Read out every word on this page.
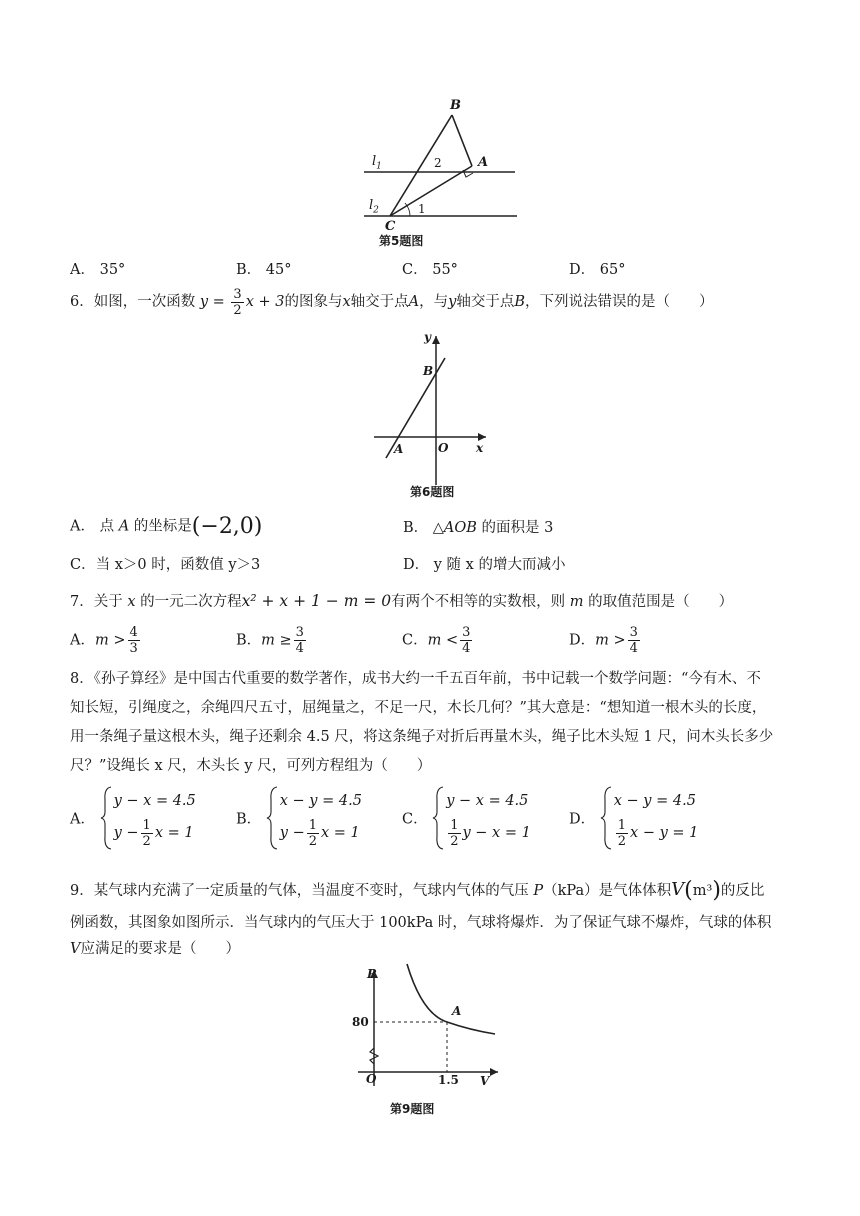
B
A
C
$l_1$
$l_2$
2
1
第5题图
A． 35°	B． 45°	C． 55°	D． 65°
6．如图，一次函数 $y = \frac{3}{2}$ x + 3的图象与x轴交于点A，与y轴交于点B，下列说法错误的是（　　）
y
B
A	O x
第6题图
A． 点 A 的坐标是(−2,0)	B． △AOB 的面积是 3
C．当 x＞0 时，函数值 y＞3	D． y 随 x 的增大而减小
7．关于 x 的一元二次方程x² + x + 1 − m = 0有两个不相等的实数根，则 m 的取值范围是（　　）
A．$m > \frac{4}{3}$	B．$m \ge \frac{3}{4}$	C．$m < \frac{3}{4}$	D．$m > \frac{3}{4}$
8．《孙子算经》是中国古代重要的数学著作，成书大约一千五百年前，书中记载一个数学问题：“今有木、不
知长短，引绳度之，余绳四尺五寸，屈绳量之，不足一尺，木长几何？”其大意是：“想知道一根木头的长度，
用一条绳子量这根木头，绳子还剩余 4.5 尺，将这条绳子对折后再量木头，绳子比木头短 1 尺，问木头长多少
尺？”设绳长 x 尺，木头长 y 尺，可列方程组为（　　）
A．
y − x = 4.5
$y - \frac{1}{2}$ x = 1
B．
x − y = 4.5
$y - \frac{1}{2}$ x = 1
C．
y − x = 4.5
$\frac{1}{2}$ y − x = 1
D．
x − y = 4.5
$\frac{1}{2}$ x − y = 1
9．某气球内充满了一定质量的气体，当温度不变时，气球内气体的气压 P（kPa）是气体体积V(m³)的反比
例函数，其图象如图所示．当气球内的气压大于 100kPa 时，气球将爆炸．为了保证气球不爆炸，气球的体积
V应满足的要求是（　　）
P
80
A
O	1.5 V
第9题图
